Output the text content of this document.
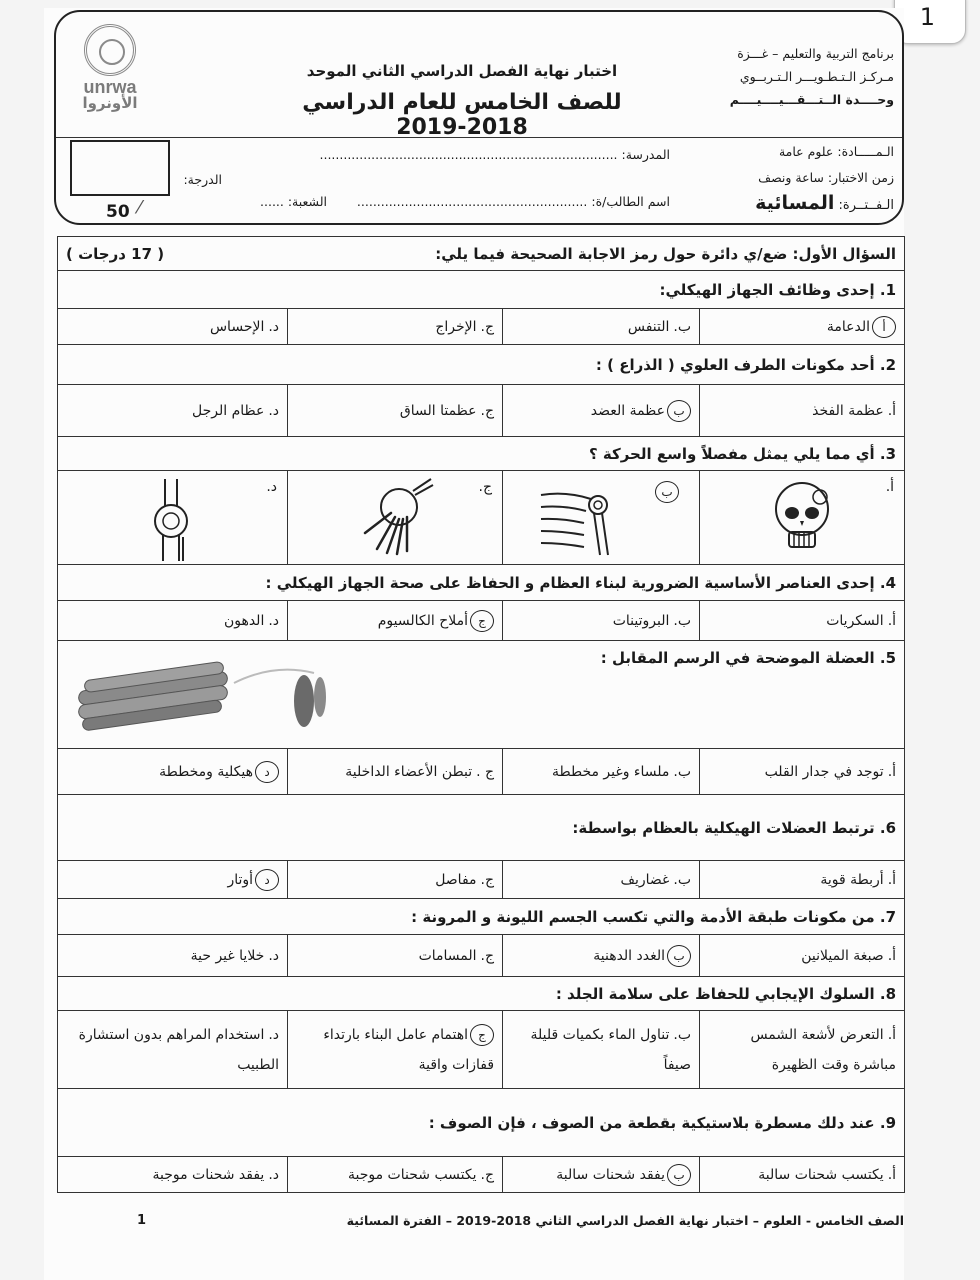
1
برنامج التربية والتعليم – غـــزة
مـركـز الـتـطـويـــر الـتـربــوي
وحــــدة الــتـــقـــيــــيــــم
اختبار نهاية الفصل الدراسي الثاني الموحد
للصف الخامس للعام الدراسي 2018-2019
unrwa
الأونروا
الـمـــــادة: علوم عامة
زمن الاختبار: ساعة ونصف
الـفــتــرة: المسائية
المدرسة: ...........................................................................
اسم الطالب/ة: ..........................................................
الشعبة: ......
الدرجة:
⁄
50
السؤال الأول: ضع/ي دائرة حول رمز الاجابة الصحيحة فيما يلي:
( 17 درجات )			

1. إحدى وظائف الجهاز الهيكلي:			
أالدعامة	ب.التنفس	ج.الإخراج	د.الإحساس
2. أحد مكونات الطرف العلوي ( الذراع ) :			
أ.عظمة الفخذ	بعظمة العضد	ج.عظمتا الساق	د.عظام الرجل
3. أي مما يلي يمثل مفصلاً واسع الحركة ؟			

أ.	ب	ج.	د.

4. إحدى العناصر الأساسية الضرورية لبناء العظام و الحفاظ على صحة الجهاز الهيكلي :			
أ.السكريات	ب.البروتينات	جأملاح الكالسيوم	د.الدهون
5. العضلة الموضحة في الرسم المقابل :			

أ.توجد في جدار القلب	ب.ملساء وغير مخططة	ج .تبطن الأعضاء الداخلية	دهيكلية ومخططة
6. ترتبط العضلات الهيكلية بالعظام بواسطة:			
أ.أربطة قوية	ب.غضاريف	ج.مفاصل	دأوتار
7. من مكونات طبقة الأدمة والتي تكسب الجسم الليونة و المرونة :			
أ.صبغة الميلانين	بالغدد الدهنية	ج.المسامات	د.خلايا غير حية
8. السلوك الإيجابي للحفاظ على سلامة الجلد :			
أ.التعرض لأشعة الشمس مباشرة وقت الظهيرة	ب.تناول الماء بكميات قليلة صيفاً	جاهتمام عامل البناء بارتداء قفازات واقية	د.استخدام المراهم بدون استشارة الطبيب
9. عند دلك مسطرة بلاستيكية بقطعة من الصوف ، فإن الصوف :			
أ.يكتسب شحنات سالبة	بيفقد شحنات سالبة	ج.يكتسب شحنات موجبة	د.يفقد شحنات موجبة
الصف الخامس - العلوم – اختبار نهاية الفصل الدراسي الثاني 2018-2019 – الفترة المسائية
1
